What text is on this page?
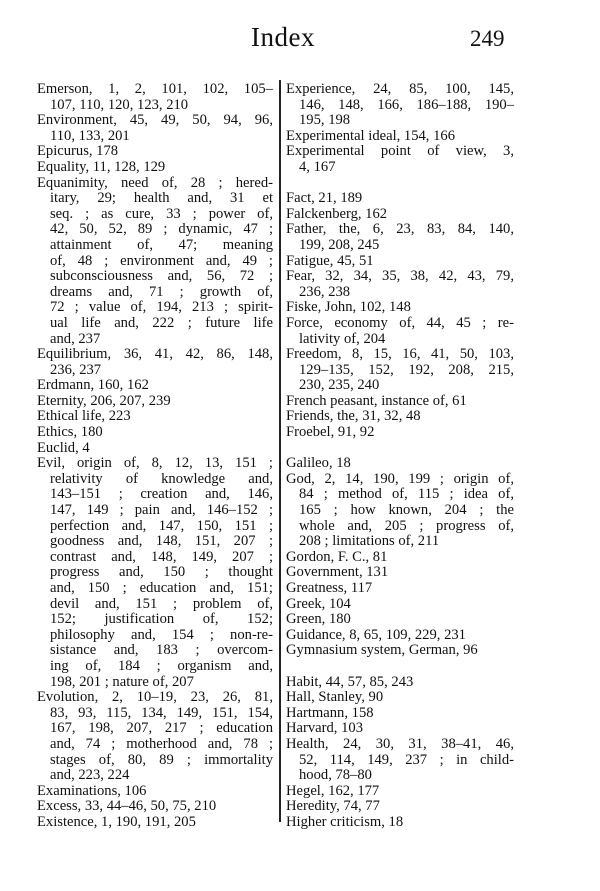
Index	249
Emerson, 1, 2, 101, 102, 105–
107, 110, 120, 123, 210
Environment, 45, 49, 50, 94, 96,
110, 133, 201
Epicurus, 178
Equality, 11, 128, 129
Equanimity, need of, 28 ; hered-
itary, 29; health and, 31 et
seq. ; as cure, 33 ; power of,
42, 50, 52, 89 ; dynamic, 47 ;
attainment of, 47; meaning
of, 48 ; environment and, 49 ;
subconsciousness and, 56, 72 ;
dreams and, 71 ; growth of,
72 ; value of, 194, 213 ; spirit-
ual life and, 222 ; future life
and, 237
Equilibrium, 36, 41, 42, 86, 148,
236, 237
Erdmann, 160, 162
Eternity, 206, 207, 239
Ethical life, 223
Ethics, 180
Euclid, 4
Evil, origin of, 8, 12, 13, 151 ;
relativity of knowledge and,
143–151 ; creation and, 146,
147, 149 ; pain and, 146–152 ;
perfection and, 147, 150, 151 ;
goodness and, 148, 151, 207 ;
contrast and, 148, 149, 207 ;
progress and, 150 ; thought
and, 150 ; education and, 151;
devil and, 151 ; problem of,
152; justification of, 152;
philosophy and, 154 ; non-re-
sistance and, 183 ; overcom-
ing of, 184 ; organism and,
198, 201 ; nature of, 207
Evolution, 2, 10–19, 23, 26, 81,
83, 93, 115, 134, 149, 151, 154,
167, 198, 207, 217 ; education
and, 74 ; motherhood and, 78 ;
stages of, 80, 89 ; immortality
and, 223, 224
Examinations, 106
Excess, 33, 44–46, 50, 75, 210
Existence, 1, 190, 191, 205
Experience, 24, 85, 100, 145,
146, 148, 166, 186–188, 190–
195, 198
Experimental ideal, 154, 166
Experimental point of view, 3,
4, 167
Fact, 21, 189
Falckenberg, 162
Father, the, 6, 23, 83, 84, 140,
199, 208, 245
Fatigue, 45, 51
Fear, 32, 34, 35, 38, 42, 43, 79,
236, 238
Fiske, John, 102, 148
Force, economy of, 44, 45 ; re-
lativity of, 204
Freedom, 8, 15, 16, 41, 50, 103,
129–135, 152, 192, 208, 215,
230, 235, 240
French peasant, instance of, 61
Friends, the, 31, 32, 48
Froebel, 91, 92
Galileo, 18
God, 2, 14, 190, 199 ; origin of,
84 ; method of, 115 ; idea of,
165 ; how known, 204 ; the
whole and, 205 ; progress of,
208 ; limitations of, 211
Gordon, F. C., 81
Government, 131
Greatness, 117
Greek, 104
Green, 180
Guidance, 8, 65, 109, 229, 231
Gymnasium system, German, 96
Habit, 44, 57, 85, 243
Hall, Stanley, 90
Hartmann, 158
Harvard, 103
Health, 24, 30, 31, 38–41, 46,
52, 114, 149, 237 ; in child-
hood, 78–80
Hegel, 162, 177
Heredity, 74, 77
Higher criticism, 18
